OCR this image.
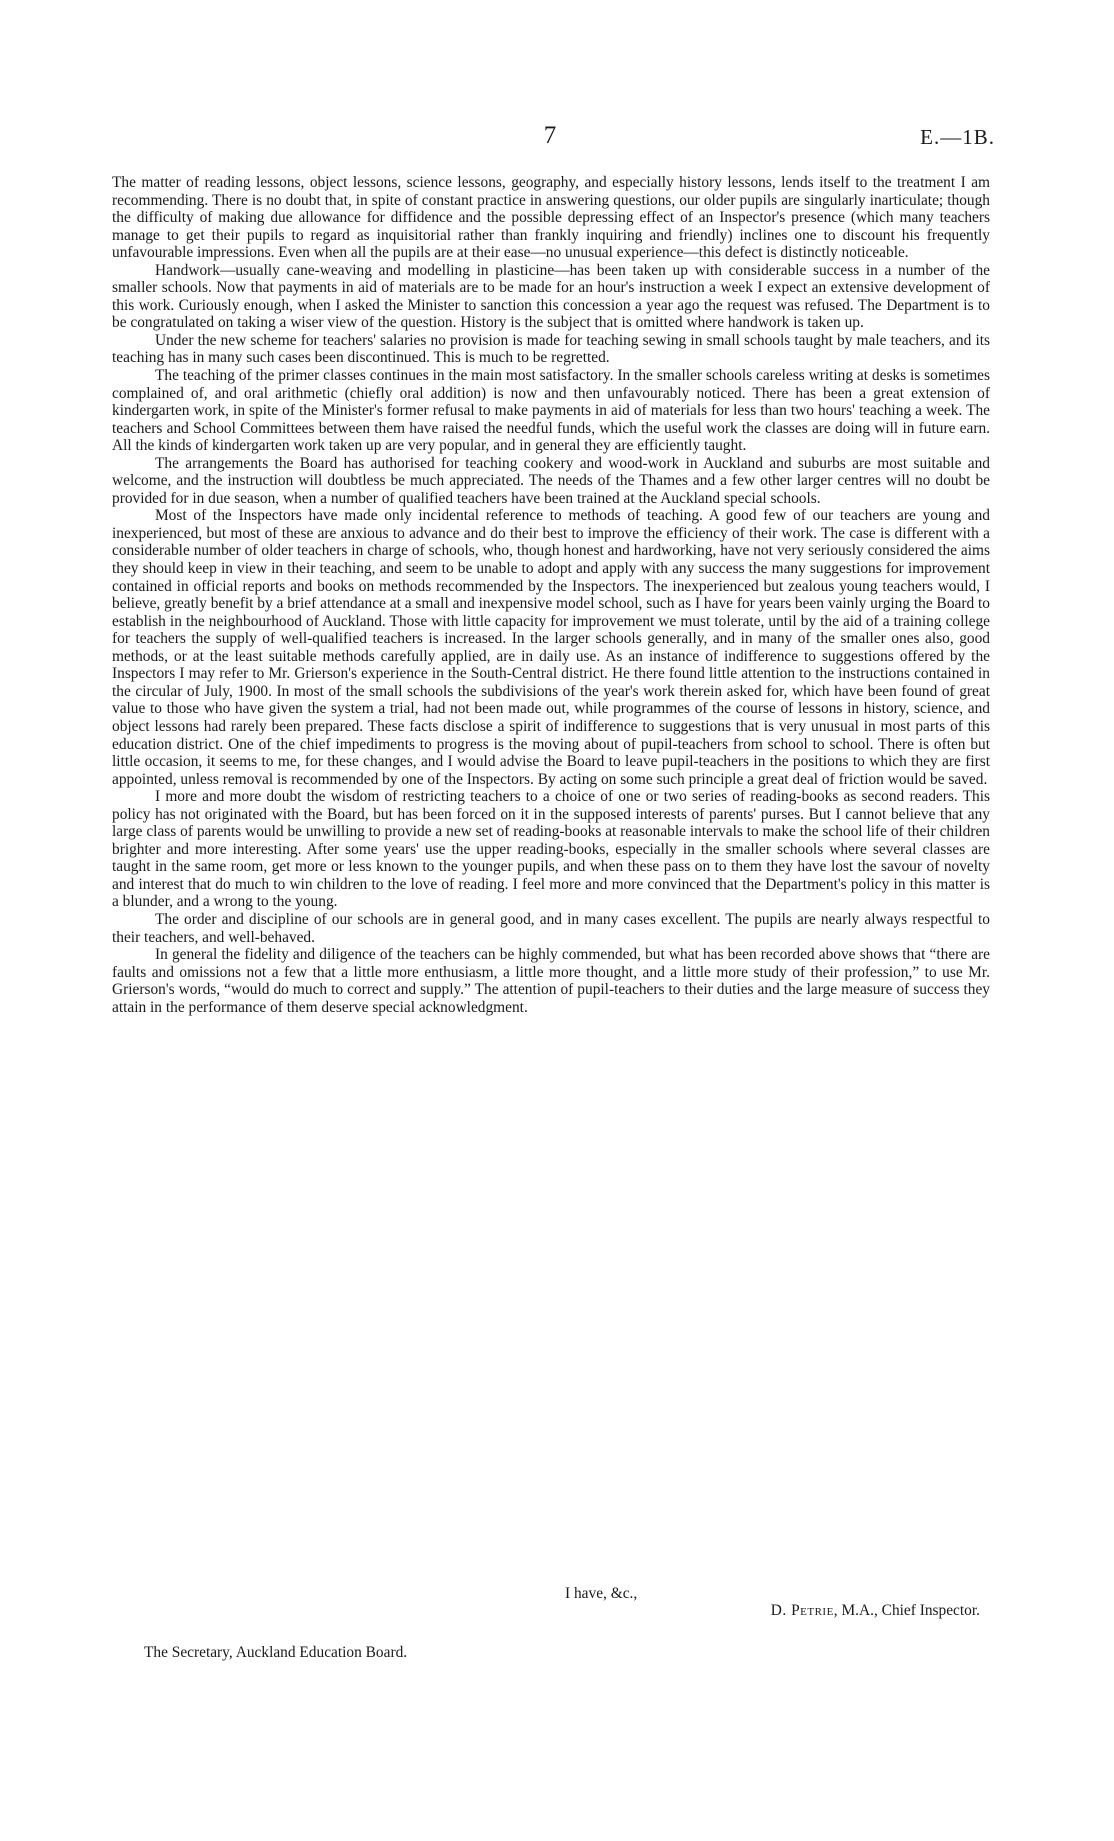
7	E.—1B.

The matter of reading lessons, object lessons, science lessons, geography, and especially history lessons, lends itself to the treatment I am recommending. There is no doubt that, in spite of constant practice in answering questions, our older pupils are singularly inarticulate; though the difficulty of making due allowance for diffidence and the possible depressing effect of an Inspector's presence (which many teachers manage to get their pupils to regard as inquisitorial rather than frankly inquiring and friendly) inclines one to discount his frequently unfavourable impressions. Even when all the pupils are at their ease—no unusual experience—this defect is distinctly noticeable.

Handwork—usually cane-weaving and modelling in plasticine—has been taken up with considerable success in a number of the smaller schools. Now that payments in aid of materials are to be made for an hour's instruction a week I expect an extensive development of this work. Curiously enough, when I asked the Minister to sanction this concession a year ago the request was refused. The Department is to be congratulated on taking a wiser view of the question. History is the subject that is omitted where handwork is taken up.

Under the new scheme for teachers' salaries no provision is made for teaching sewing in small schools taught by male teachers, and its teaching has in many such cases been discontinued. This is much to be regretted.

The teaching of the primer classes continues in the main most satisfactory. In the smaller schools careless writing at desks is sometimes complained of, and oral arithmetic (chiefly oral addition) is now and then unfavourably noticed. There has been a great extension of kindergarten work, in spite of the Minister's former refusal to make payments in aid of materials for less than two hours' teaching a week. The teachers and School Committees between them have raised the needful funds, which the useful work the classes are doing will in future earn. All the kinds of kindergarten work taken up are very popular, and in general they are efficiently taught.

The arrangements the Board has authorised for teaching cookery and wood-work in Auckland and suburbs are most suitable and welcome, and the instruction will doubtless be much appreciated. The needs of the Thames and a few other larger centres will no doubt be provided for in due season, when a number of qualified teachers have been trained at the Auckland special schools.

Most of the Inspectors have made only incidental reference to methods of teaching. A good few of our teachers are young and inexperienced, but most of these are anxious to advance and do their best to improve the efficiency of their work. The case is different with a considerable number of older teachers in charge of schools, who, though honest and hardworking, have not very seriously considered the aims they should keep in view in their teaching, and seem to be unable to adopt and apply with any success the many suggestions for improvement contained in official reports and books on methods recommended by the Inspectors. The inexperienced but zealous young teachers would, I believe, greatly benefit by a brief attendance at a small and inexpensive model school, such as I have for years been vainly urging the Board to establish in the neighbourhood of Auckland. Those with little capacity for improvement we must tolerate, until by the aid of a training college for teachers the supply of well-qualified teachers is increased. In the larger schools generally, and in many of the smaller ones also, good methods, or at the least suitable methods carefully applied, are in daily use. As an instance of indifference to suggestions offered by the Inspectors I may refer to Mr. Grierson's experience in the South-Central district. He there found little attention to the instructions contained in the circular of July, 1900. In most of the small schools the subdivisions of the year's work therein asked for, which have been found of great value to those who have given the system a trial, had not been made out, while programmes of the course of lessons in history, science, and object lessons had rarely been prepared. These facts disclose a spirit of indifference to suggestions that is very unusual in most parts of this education district. One of the chief impediments to progress is the moving about of pupil-teachers from school to school. There is often but little occasion, it seems to me, for these changes, and I would advise the Board to leave pupil-teachers in the positions to which they are first appointed, unless removal is recommended by one of the Inspectors. By acting on some such principle a great deal of friction would be saved.

I more and more doubt the wisdom of restricting teachers to a choice of one or two series of reading-books as second readers. This policy has not originated with the Board, but has been forced on it in the supposed interests of parents' purses. But I cannot believe that any large class of parents would be unwilling to provide a new set of reading-books at reasonable intervals to make the school life of their children brighter and more interesting. After some years' use the upper reading-books, especially in the smaller schools where several classes are taught in the same room, get more or less known to the younger pupils, and when these pass on to them they have lost the savour of novelty and interest that do much to win children to the love of reading. I feel more and more convinced that the Department's policy in this matter is a blunder, and a wrong to the young.

The order and discipline of our schools are in general good, and in many cases excellent. The pupils are nearly always respectful to their teachers, and well-behaved.

In general the fidelity and diligence of the teachers can be highly commended, but what has been recorded above shows that “there are faults and omissions not a few that a little more enthusiasm, a little more thought, and a little more study of their profession,” to use Mr. Grierson's words, “would do much to correct and supply.” The attention of pupil-teachers to their duties and the large measure of success they attain in the performance of them deserve special acknowledgment.

I have, &c.,
D. Petrie, M.A., Chief Inspector.
The Secretary, Auckland Education Board.
